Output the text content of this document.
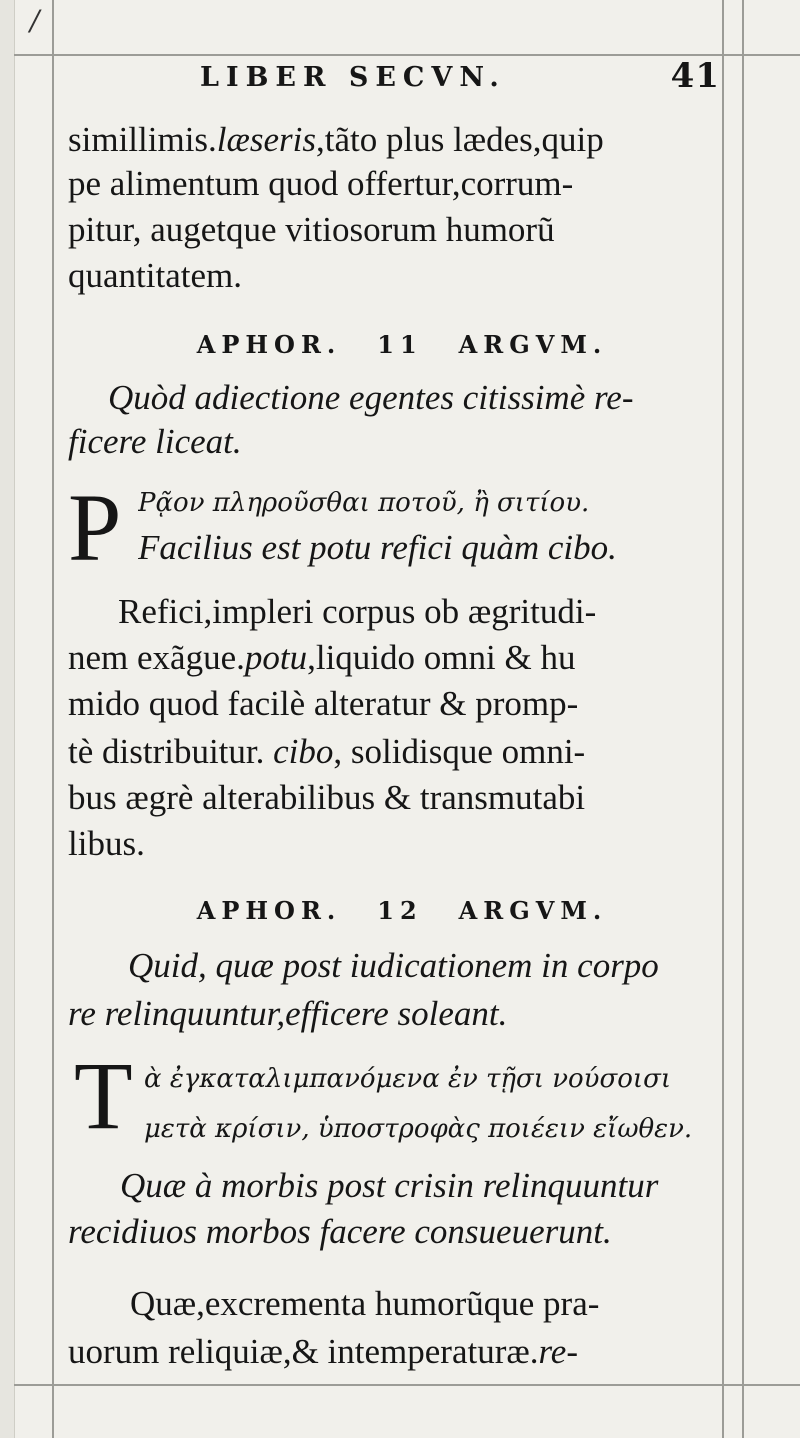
/
LIBER SECVN.	41
simillimis.læseris,tãto plus lædes,quip
pe alimentum quod offertur,corrum-
pitur, augetque vitiosorum humorũ
quantitatem.
APHOR. 11 ARGVM.
Quòd adiectione egentes citissimè re-
ficere liceat.
P Ρᾷον πληροῦσθαι ποτοῦ, ἢ σιτίου.
Facilius est potu refici quàm cibo.
Refici,impleri corpus ob ægritudi-
nem exãgue.potu,liquido omni & hu
mido quod facilè alteratur & promp-
tè distribuitur. cibo, solidisque omni-
bus ægrè alterabilibus & transmutabi
libus.
APHOR. 12 ARGVM.
Quid, quæ post iudicationem in corpo
re relinquuntur,efficere soleant.
T ὰ ἐγκαταλιμπανόμενα ἐν τῇσι νούσοισι
μετὰ κρίσιν, ὑποστροφὰς ποιέειν εἴωθεν.
Quæ à morbis post crisin relinquuntur
recidiuos morbos facere consueuerunt.
Quæ,excrementa humorũque pra-
uorum reliquiæ,& intemperaturæ.re-
